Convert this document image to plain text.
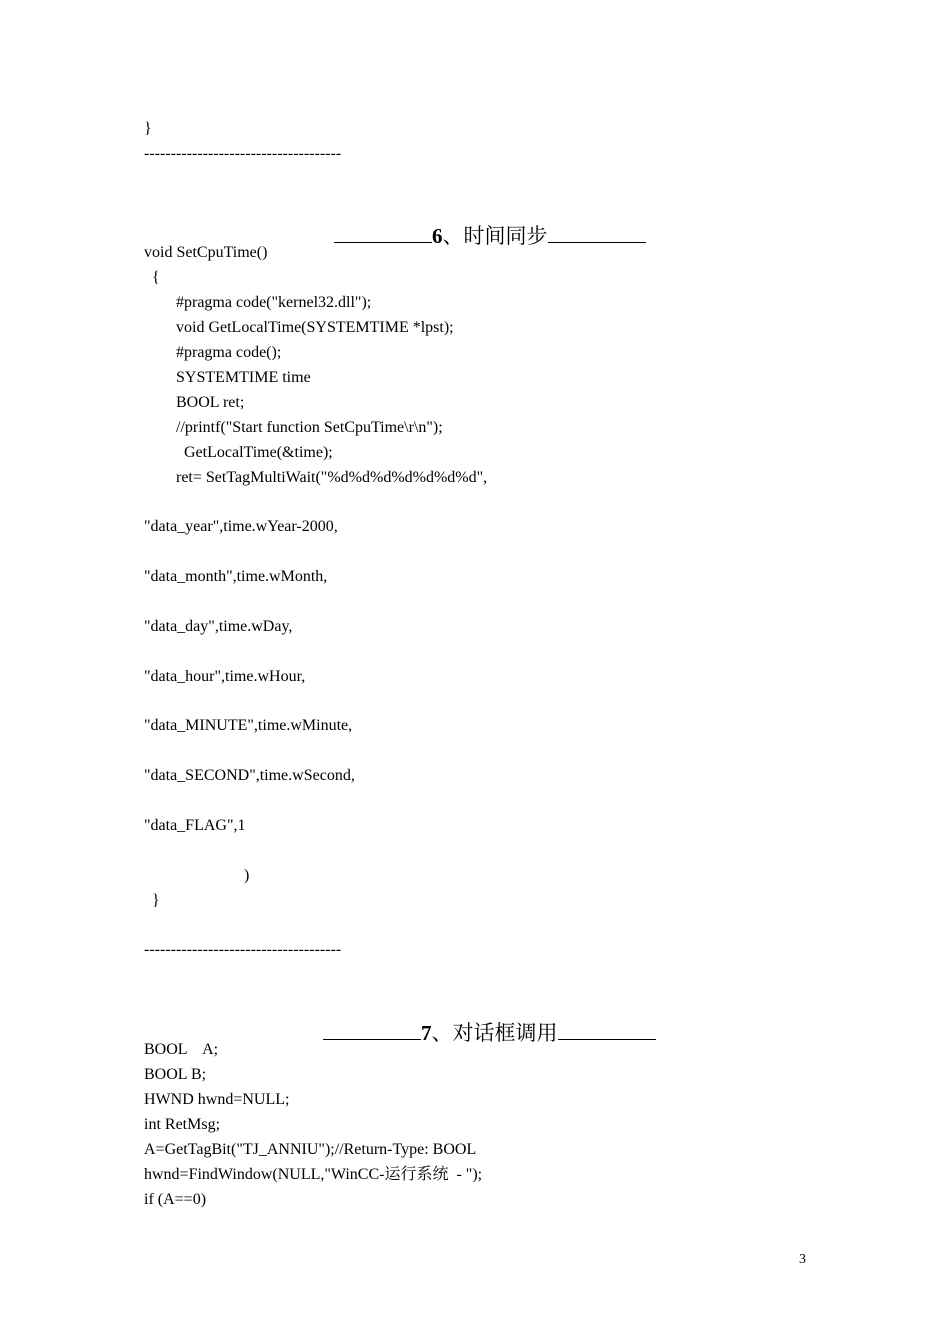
}
-------------------------------------

6、时间同步

void SetCpuTime()
{
#pragma code("kernel32.dll");
void GetLocalTime(SYSTEMTIME *lpst);
#pragma code();
SYSTEMTIME time
BOOL ret;
//printf("Start function SetCpuTime\r\n");
GetLocalTime(&time);
ret= SetTagMultiWait("%d%d%d%d%d%d%d",
"data_year",time.wYear-2000,
"data_month",time.wMonth,
"data_day",time.wDay,
"data_hour",time.wHour,
"data_MINUTE",time.wMinute,
"data_SECOND",time.wSecond,
"data_FLAG",1
)
}
-------------------------------------

7、对话框调用

BOOL    A;
BOOL B;
HWND hwnd=NULL;
int RetMsg;
A=GetTagBit("TJ_ANNIU");//Return-Type: BOOL
hwnd=FindWindow(NULL,"WinCC-运行系统  - ");
if (A==0)
3
